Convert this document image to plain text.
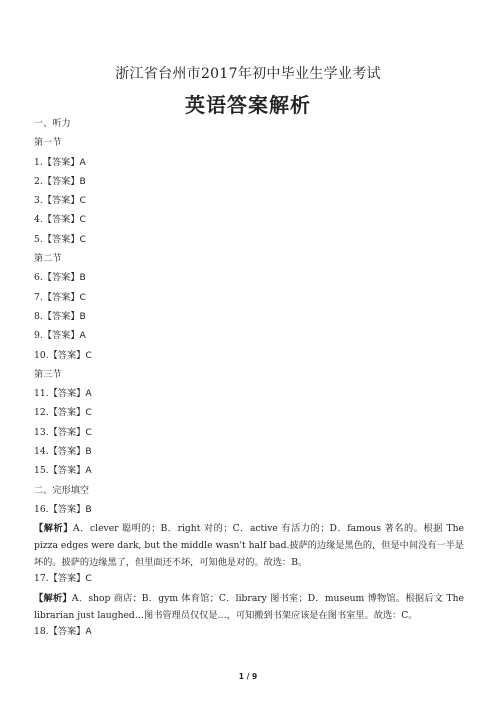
浙江省台州市2017年初中毕业生学业考试
英语答案解析
一、听力
第一节
1.【答案】A
2.【答案】B
3.【答案】C
4.【答案】C
5.【答案】C
第二节
6.【答案】B
7.【答案】C
8.【答案】B
9.【答案】A
10.【答案】C
第三节
11.【答案】A
12.【答案】C
13.【答案】C
14.【答案】B
15.【答案】A
二、完形填空
16.【答案】B
【解析】A．clever 聪明的；B．right 对的；C．active 有活力的；D．famous 著名的。根据 The pizza edges were dark, but the middle wasn't half bad.披萨的边缘是黑色的，但是中间没有一半是坏的。披萨的边缘黑了，但里面还不坏，可知他是对的。故选：B。
17.【答案】C
【解析】A．shop 商店；B．gym 体育馆；C．library 图书室；D．museum 博物馆。根据后文 The librarian just laughed…图书管理员仅仅是…，可知搬到书架应该是在图书室里。故选：C。
18.【答案】A
1 / 9
